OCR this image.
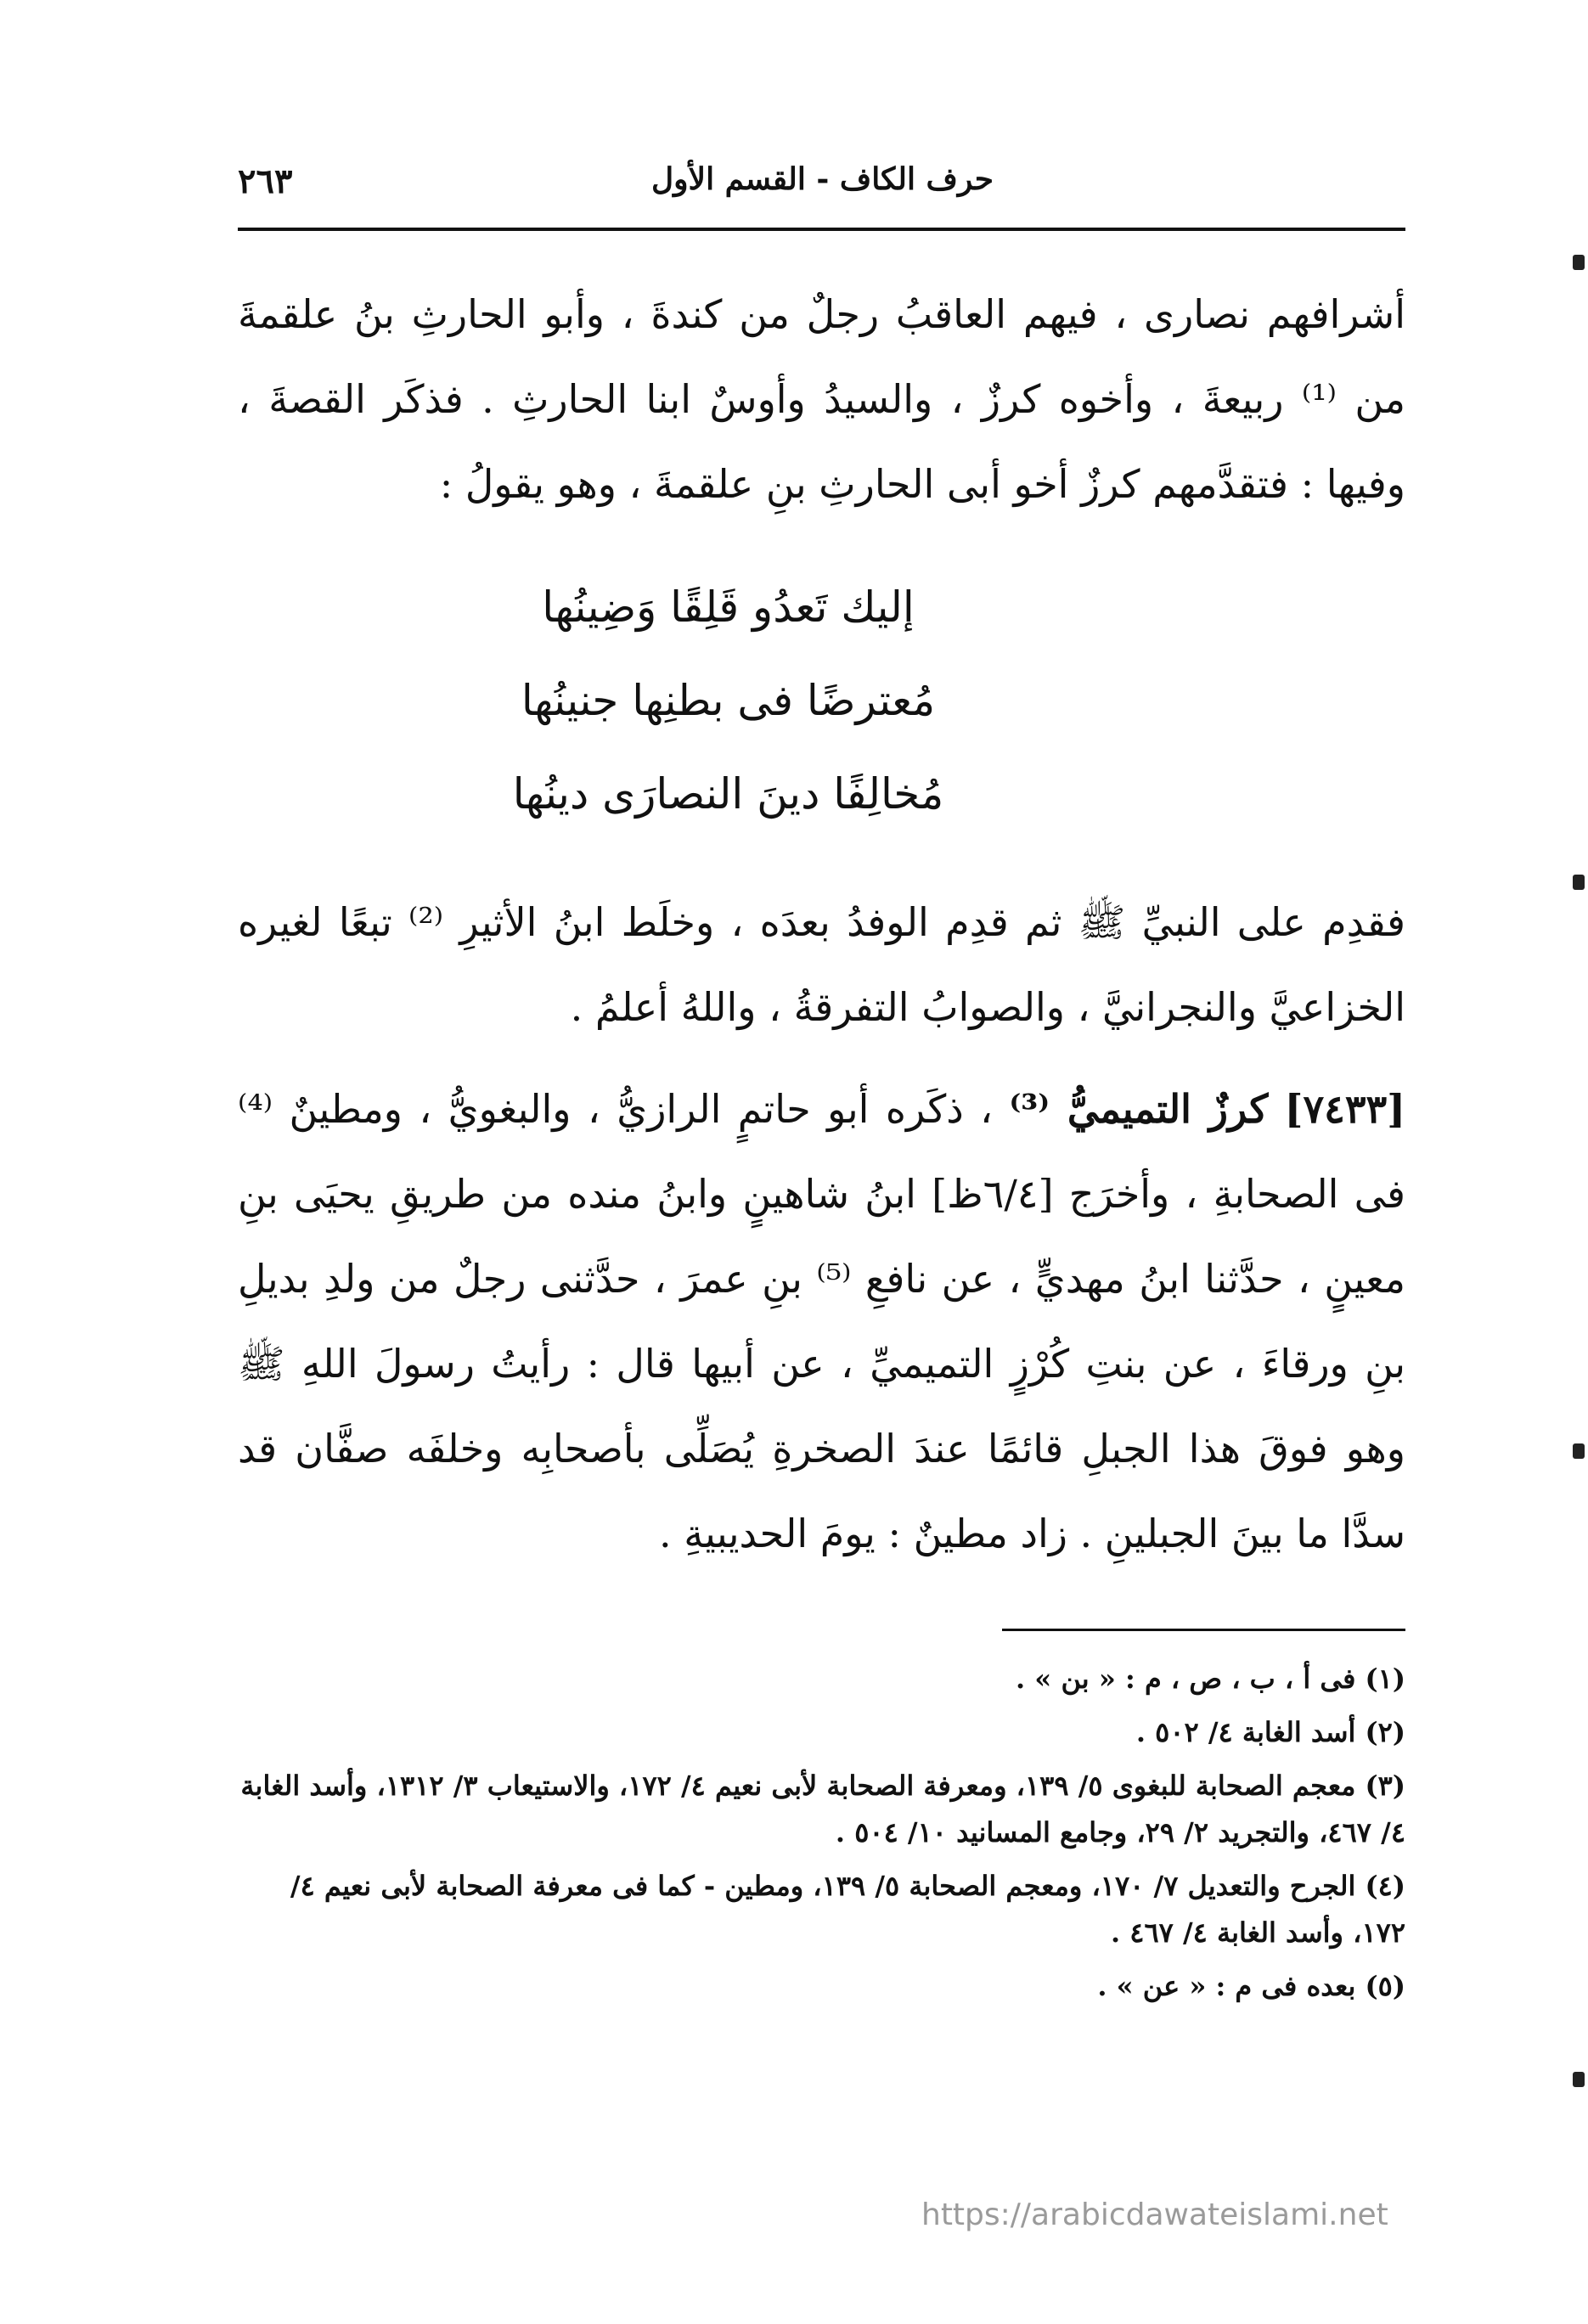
حرف الكاف - القسم الأول
٢٦٣

أشرافهم نصارى ، فيهم العاقبُ رجلٌ من كندةَ ، وأبو الحارثِ بنُ علقمةَ من ⁽¹⁾ ربيعةَ ، وأخوه كرزٌ ، والسيدُ وأوسٌ ابنا الحارثِ . فذكَر القصةَ ، وفيها : فتقدَّمهم كرزٌ أخو أبى الحارثِ بنِ علقمةَ ، وهو يقولُ :

إليك تَعدُو قَلِقًا وَضِينُها
مُعترضًا فى بطنِها جنينُها
مُخالِفًا دينَ النصارَى دينُها

فقدِم على النبيِّ ﷺ ثم قدِم الوفدُ بعدَه ، وخلَط ابنُ الأثيرِ ⁽²⁾ تبعًا لغيره الخزاعيَّ والنجرانيَّ ، والصوابُ التفرقةُ ، واللهُ أعلمُ .

[٧٤٣٣] كرزٌ التميميُّ ⁽³⁾ ، ذكَره أبو حاتمٍ الرازيُّ ، والبغويُّ ، ومطينٌ ⁽⁴⁾ فى الصحابةِ ، وأخرَج [٦/٤ظ] ابنُ شاهينٍ وابنُ منده من طريقِ يحيَى بنِ معينٍ ، حدَّثنا ابنُ مهديٍّ ، عن نافعِ ⁽⁵⁾ بنِ عمرَ ، حدَّثنى رجلٌ من ولدِ بديلِ بنِ ورقاءَ ، عن بنتِ كُرْزٍ التميميِّ ، عن أبيها قال : رأيتُ رسولَ اللهِ ﷺ وهو فوقَ هذا الجبلِ قائمًا عندَ الصخرةِ يُصَلِّى بأصحابِه وخلفَه صفَّان قد سدَّا ما بينَ الجبلينِ . زاد مطينٌ : يومَ الحديبيةِ .

(١) فى أ ، ب ، ص ، م : « بن » .

(٢) أسد الغابة ٤/ ٥٠٢ .

(٣) معجم الصحابة للبغوى ٥/ ١٣٩، ومعرفة الصحابة لأبى نعيم ٤/ ١٧٢، والاستيعاب ٣/ ١٣١٢، وأسد الغابة ٤/ ٤٦٧، والتجريد ٢/ ٢٩، وجامع المسانيد ١٠/ ٥٠٤ .

(٤) الجرح والتعديل ٧/ ١٧٠، ومعجم الصحابة ٥/ ١٣٩، ومطين - كما فى معرفة الصحابة لأبى نعيم ٤/ ١٧٢، وأسد الغابة ٤/ ٤٦٧ .

(٥) بعده فى م : « عن » .

https://arabicdawateislami.net
